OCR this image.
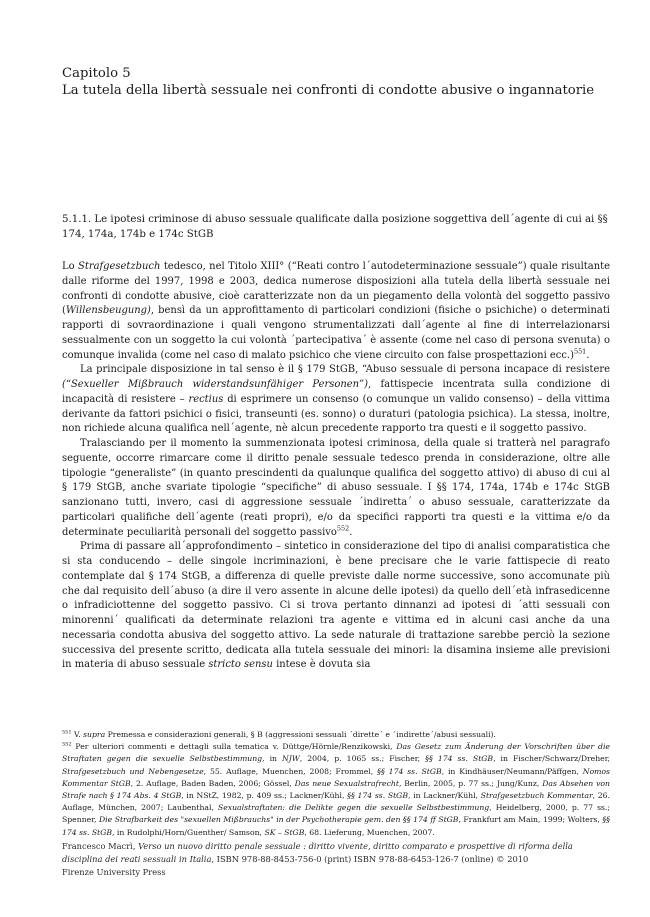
Capitolo 5
La tutela della libertà sessuale nei confronti di condotte abusive o ingannatorie
5.1.1. Le ipotesi criminose di abuso sessuale qualificate dalla posizione soggettiva dell´agente di cui ai §§ 174, 174a, 174b e 174c StGB

Lo Strafgesetzbuch tedesco, nel Titolo XIII° (“Reati contro l´autodeterminazione sessuale”) quale risultante dalle riforme del 1997, 1998 e 2003, dedica numerose disposizioni alla tutela della libertà sessuale nei confronti di condotte abusive, cioè caratterizzate non da un piegamento della volontà del soggetto passivo (Willensbeugung), bensì da un approfittamento di particolari condizioni (fisiche o psichiche) o determinati rapporti di sovraordinazione i quali vengono strumentalizzati dall´agente al fine di interrelazionarsi sessualmente con un soggetto la cui volontà ´partecipativa´ è assente (come nel caso di persona svenuta) o comunque invalida (come nel caso di malato psichico che viene circuito con false prospettazioni ecc.)$^{551}$.

La principale disposizione in tal senso è il § 179 StGB, “Abuso sessuale di persona incapace di resistere (“Sexueller Mißbrauch widerstandsunfähiger Personen”), fattispecie incentrata sulla condizione di incapacità di resistere – rectius di esprimere un consenso (o comunque un valido consenso) – della vittima derivante da fattori psichici o fisici, transeunti (es. sonno) o duraturi (patologia psichica). La stessa, inoltre, non richiede alcuna qualifica nell´agente, nè alcun precedente rapporto tra questi e il soggetto passivo.

Tralasciando per il momento la summenzionata ipotesi criminosa, della quale si tratterà nel paragrafo seguente, occorre rimarcare come il diritto penale sessuale tedesco prenda in considerazione, oltre alle tipologie “generaliste” (in quanto prescindenti da qualunque qualifica del soggetto attivo) di abuso di cui al § 179 StGB, anche svariate tipologie “specifiche” di abuso sessuale. I §§ 174, 174a, 174b e 174c StGB sanzionano tutti, invero, casi di aggressione sessuale ´indiretta´ o abuso sessuale, caratterizzate da particolari qualifiche dell´agente (reati propri), e/o da specifici rapporti tra questi e la vittima e/o da determinate peculiarità personali del soggetto passivo$^{552}$.

Prima di passare all´approfondimento – sintetico in considerazione del tipo di analisi comparatistica che si sta conducendo – delle singole incriminazioni, è bene precisare che le varie fattispecie di reato contemplate dal § 174 StGB, a differenza di quelle previste dalle norme successive, sono accomunate più che dal requisito dell´abuso (a dire il vero assente in alcune delle ipotesi) da quello dell´età infrasedicenne o infradiciottenne del soggetto passivo. Ci si trova pertanto dinnanzi ad ipotesi di ´atti sessuali con minorenni´ qualificati da determinate relazioni tra agente e vittima ed in alcuni casi anche da una necessaria condotta abusiva del soggetto attivo. La sede naturale di trattazione sarebbe perciò la sezione successiva del presente scritto, dedicata alla tutela sessuale dei minori: la disamina insieme alle previsioni in materia di abuso sessuale stricto sensu intese è dovuta sia

$^{551}$ V. supra Premessa e considerazioni generali, § B (aggressioni sessuali ´dirette´ e ´indirette´/abusi sessuali).

$^{552}$ Per ulteriori commenti e dettagli sulla tematica v. Düttge/Hörnle/Renzikowski, Das Gesetz zum Änderung der Vorschriften über die Straftaten gegen die sexuelle Selbstbestimmung, in NJW, 2004, p. 1065 ss.; Fischer, §§ 174 ss. StGB, in Fischer/Schwarz/Dreher, Strafgesetzbuch und Nebengesetze, 55. Auflage, Muenchen, 2008; Frommel, §§ 174 ss. StGB, in Kindhäuser/Neumann/Päffgen, Nomos Kommentar StGB, 2. Auflage, Baden Baden, 2006; Gössel, Das neue Sexualstrafrecht, Berlin, 2005, p. 77 ss.; Jung/Kunz, Das Absehen von Strafe nach § 174 Abs. 4 StGB, in NStZ, 1982, p. 409 ss.; Lackner/Kühl, §§ 174 ss. StGB, in Lackner/Kühl, Strafgesetzbuch Kommentar, 26. Auflage, München, 2007; Laubenthal, Sexualstraftaten: die Delikte gegen die sexuelle Selbstbestimmung, Heidelberg, 2000, p. 77 ss.; Spenner, Die Strafbarkeit des "sexuellen Mißbrauchs" in der Psychotherapie gem. den §§ 174 ff StGB, Frankfurt am Main, 1999; Wolters, §§ 174 ss. StGB, in Rudolphi/Horn/Guenther/ Samson, SK – StGB, 68. Lieferung, Muenchen, 2007.

Francesco Macrì, Verso un nuovo diritto penale sessuale : diritto vivente, diritto comparato e prospettive di riforma della disciplina dei reati sessuali in Italia, ISBN 978-88-8453-756-0 (print) ISBN 978-88-6453-126-7 (online) © 2010
Firenze University Press
